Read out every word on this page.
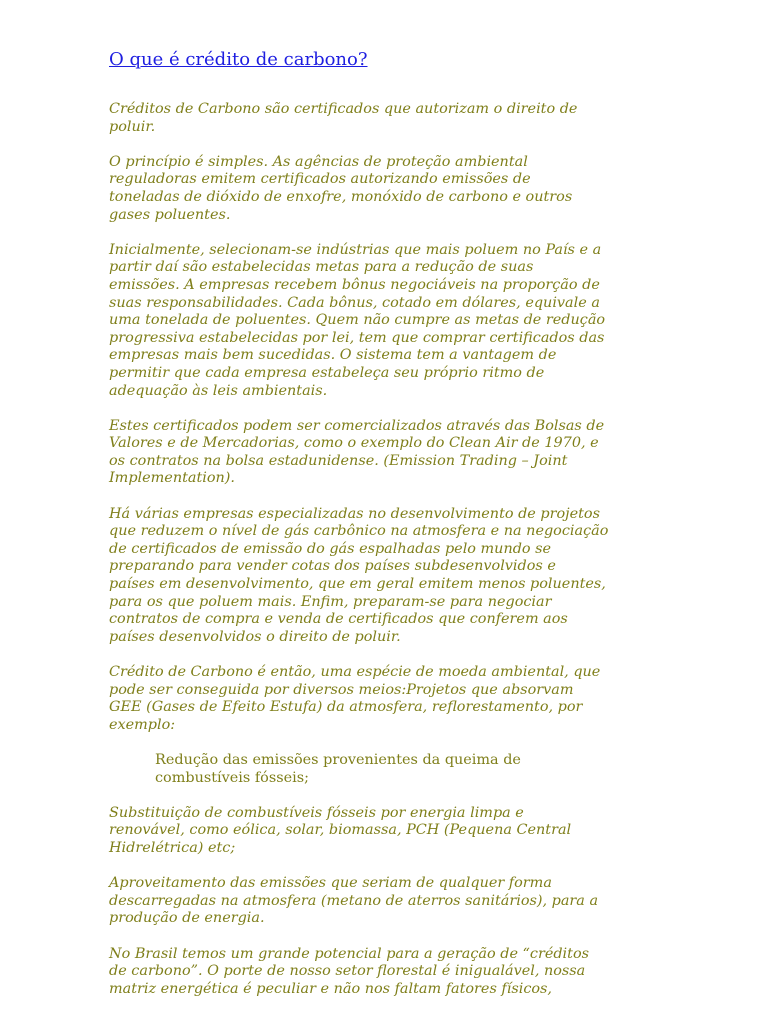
O que é crédito de carbono?

Créditos de Carbono são certificados que autorizam o direito de
poluir.

O princípio é simples. As agências de proteção ambiental
reguladoras emitem certificados autorizando emissões de
toneladas de dióxido de enxofre, monóxido de carbono e outros
gases poluentes.

Inicialmente, selecionam-se indústrias que mais poluem no País e a
partir daí são estabelecidas metas para a redução de suas
emissões. A empresas recebem bônus negociáveis na proporção de
suas responsabilidades. Cada bônus, cotado em dólares, equivale a
uma tonelada de poluentes. Quem não cumpre as metas de redução
progressiva estabelecidas por lei, tem que comprar certificados das
empresas mais bem sucedidas. O sistema tem a vantagem de
permitir que cada empresa estabeleça seu próprio ritmo de
adequação às leis ambientais.

Estes certificados podem ser comercializados através das Bolsas de
Valores e de Mercadorias, como o exemplo do Clean Air de 1970, e
os contratos na bolsa estadunidense. (Emission Trading – Joint
Implementation).

Há várias empresas especializadas no desenvolvimento de projetos
que reduzem o nível de gás carbônico na atmosfera e na negociação
de certificados de emissão do gás espalhadas pelo mundo se
preparando para vender cotas dos países subdesenvolvidos e
países em desenvolvimento, que em geral emitem menos poluentes,
para os que poluem mais. Enfim, preparam-se para negociar
contratos de compra e venda de certificados que conferem aos
países desenvolvidos o direito de poluir.

Crédito de Carbono é então, uma espécie de moeda ambiental, que
pode ser conseguida por diversos meios:Projetos que absorvam
GEE (Gases de Efeito Estufa) da atmosfera, reflorestamento, por
exemplo:

Redução das emissões provenientes da queima de
combustíveis fósseis;

Substituição de combustíveis fósseis por energia limpa e
renovável, como eólica, solar, biomassa, PCH (Pequena Central
Hidrelétrica) etc;

Aproveitamento das emissões que seriam de qualquer forma
descarregadas na atmosfera (metano de aterros sanitários), para a
produção de energia.

No Brasil temos um grande potencial para a geração de “créditos
de carbono”. O porte de nosso setor florestal é inigualável, nossa
matriz energética é peculiar e não nos faltam fatores físicos,
